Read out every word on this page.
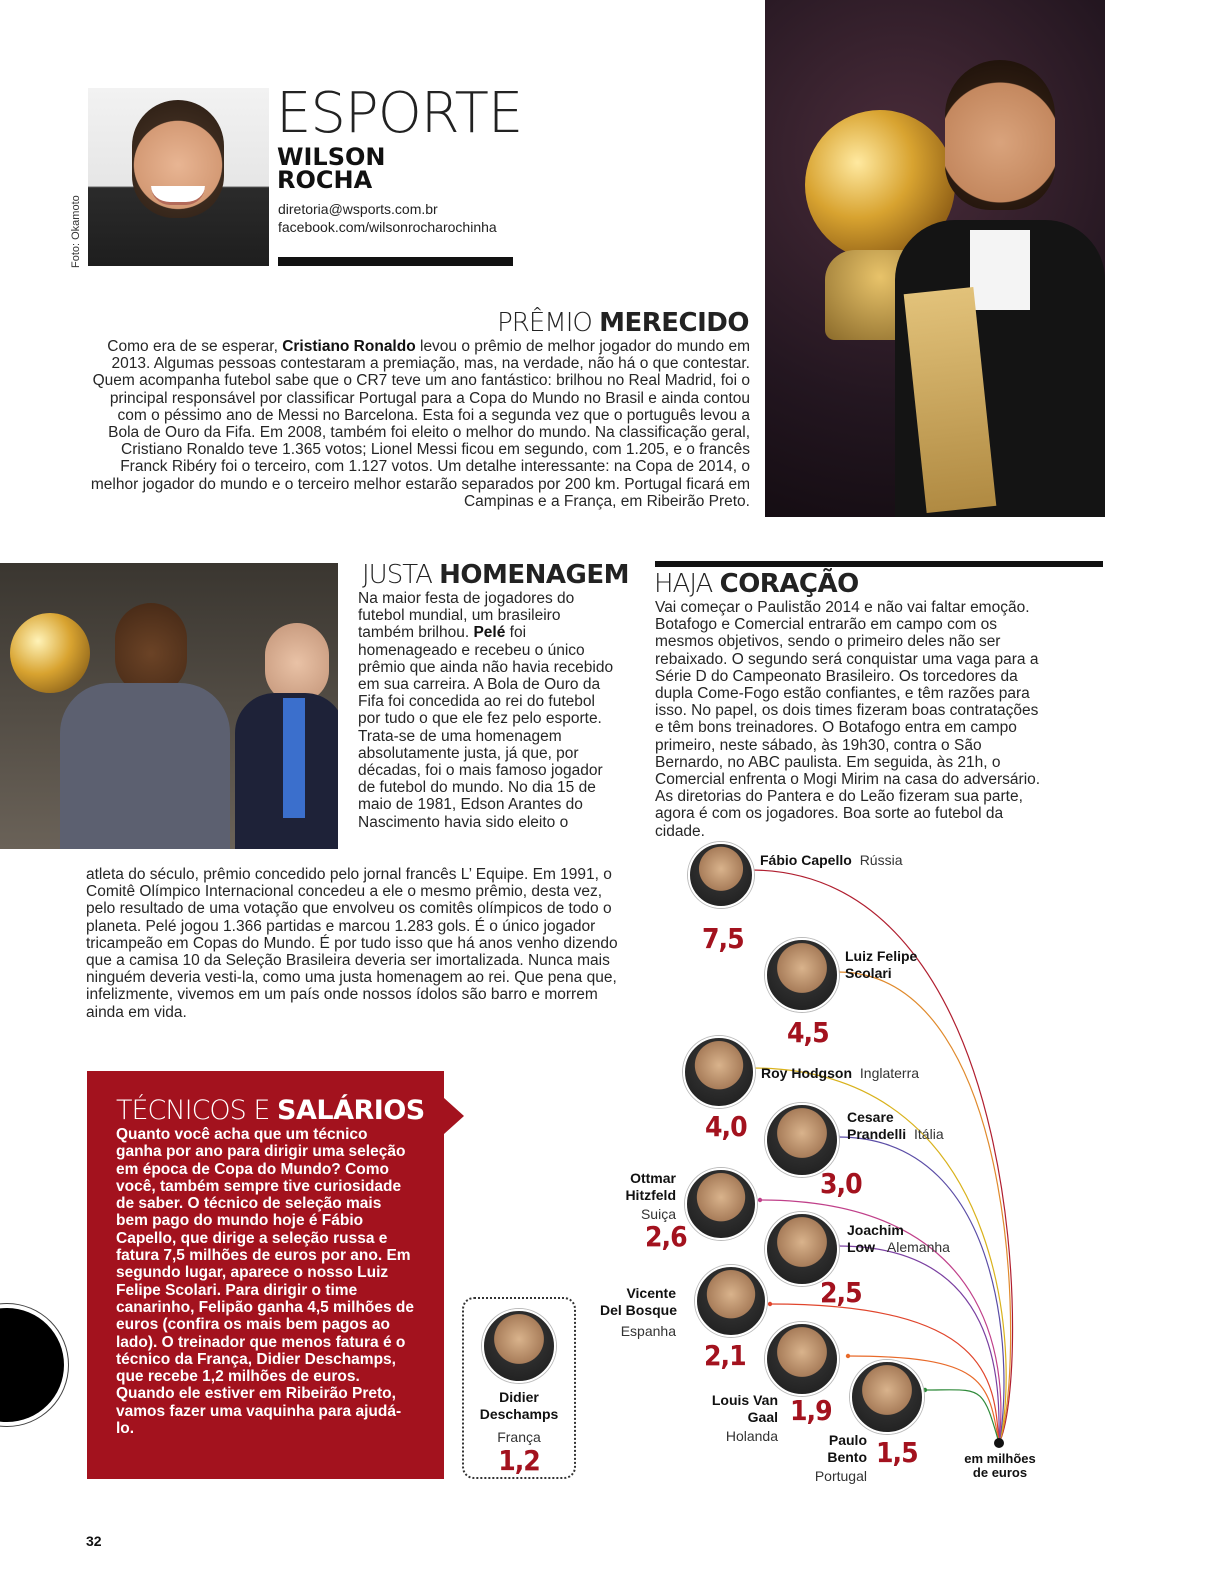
Foto: Okamoto
ESPORTE
WILSON
ROCHA
diretoria@wsports.com.br
facebook.com/wilsonrocharochinha
PRÊMIO MERECIDO
Como era de se esperar, Cristiano Ronaldo levou o prêmio de melhor jogador do mundo em 2013. Algumas pessoas contestaram a premiação, mas, na verdade, não há o que contestar. Quem acompanha futebol sabe que o CR7 teve um ano fantástico: brilhou no Real Madrid, foi o principal responsável por classificar Portugal para a Copa do Mundo no Brasil e ainda contou com o péssimo ano de Messi no Barcelona. Esta foi a segunda vez que o português levou a Bola de Ouro da Fifa. Em 2008, também foi eleito o melhor do mundo. Na classificação geral, Cristiano Ronaldo teve 1.365 votos; Lionel Messi ficou em segundo, com 1.205, e o francês Franck Ribéry foi o terceiro, com 1.127 votos. Um detalhe interessante: na Copa de 2014, o melhor jogador do mundo e o terceiro melhor estarão separados por 200 km. Portugal ficará em Campinas e a França, em Ribeirão Preto.
JUSTA HOMENAGEM
Na maior festa de jogadores do futebol mundial, um brasileiro também brilhou. Pelé foi homenageado e recebeu o único prêmio que ainda não havia recebido em sua carreira. A Bola de Ouro da Fifa foi concedida ao rei do futebol por tudo o que ele fez pelo esporte. Trata-se de uma homenagem absolutamente justa, já que, por décadas, foi o mais famoso jogador de futebol do mundo. No dia 15 de maio de 1981, Edson Arantes do Nascimento havia sido eleito o
atleta do século, prêmio concedido pelo jornal francês L’ Equipe. Em 1991, o Comitê Olímpico Internacional concedeu a ele o mesmo prêmio, desta vez, pelo resultado de uma votação que envolveu os comitês olímpicos de todo o planeta. Pelé jogou 1.366 partidas e marcou 1.283 gols. É o único jogador tricampeão em Copas do Mundo. É por tudo isso que há anos venho dizendo que a camisa 10 da Seleção Brasileira deveria ser imortalizada. Nunca mais ninguém deveria vesti-la, como uma justa homenagem ao rei. Que pena que, infelizmente, vivemos em um país onde nossos ídolos são barro e morrem ainda em vida.
HAJA CORAÇÃO
Vai começar o Paulistão 2014 e não vai faltar emoção. Botafogo e Comercial entrarão em campo com os mesmos objetivos, sendo o primeiro deles não ser rebaixado. O segundo será conquistar uma vaga para a Série D do Campeonato Brasileiro. Os torcedores da dupla Come-Fogo estão confiantes, e têm razões para isso. No papel, os dois times fizeram boas contratações e têm bons treinadores. O Botafogo entra em campo primeiro, neste sábado, às 19h30, contra o São Bernardo, no ABC paulista. Em seguida, às 21h, o Comercial enfrenta o Mogi Mirim na casa do adversário. As diretorias do Pantera e do Leão fizeram sua parte, agora é com os jogadores. Boa sorte ao futebol da cidade.
TÉCNICOS E SALÁRIOS
Quanto você acha que um técnico ganha por ano para dirigir uma seleção em época de Copa do Mundo? Como você, também sempre tive curiosidade de saber. O técnico de seleção mais bem pago do mundo hoje é Fábio Capello, que dirige a seleção russa e fatura 7,5 milhões de euros por ano. Em segundo lugar, aparece o nosso Luiz Felipe Scolari. Para dirigir o time canarinho, Felipão ganha 4,5 milhões de euros (confira os mais bem pagos ao lado). O treinador que menos fatura é o técnico da França, Didier Deschamps, que recebe 1,2 milhões de euros. Quando ele estiver em Ribeirão Preto, vamos fazer uma vaquinha para ajudá-lo.
Didier
Deschamps
França
1,2
Fábio Capello Rússia
7,5
Luiz Felipe
Scolari
4,5
Roy Hodgson Inglaterra
4,0	Cesare
Prandelli Itália
3,0
Ottmar
Hitzfeld
Suiça
2,6	Joachim
Low Alemanha
2,5
Vicente
Del Bosque
Espanha
2,1
Louis Van
Gaal
Holanda
1,9
Paulo
Bento
Portugal
1,5	em milhões
de euros
32
